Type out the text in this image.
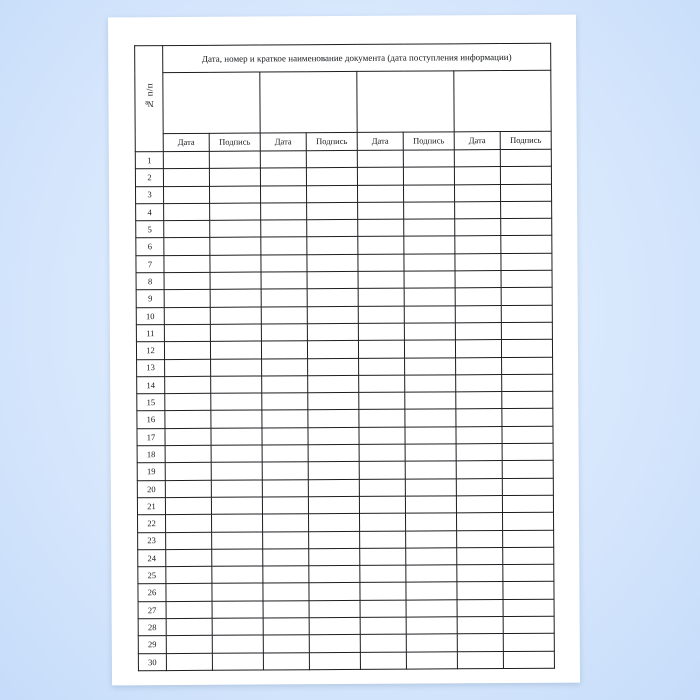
№ п/п	Дата, номер и краткое наименование документа (дата поступления информации)							

	Дата	Подпись	Дата	Подпись	Дата	Подпись	Дата	Подпись
1								
2								
3								
4								
5								
6								
7								
8								
9								
10								
11								
12								
13								
14								
15								
16								
17								
18								
19								
20								
21								
22								
23								
24								
25								
26								
27								
28								
29								
30								
